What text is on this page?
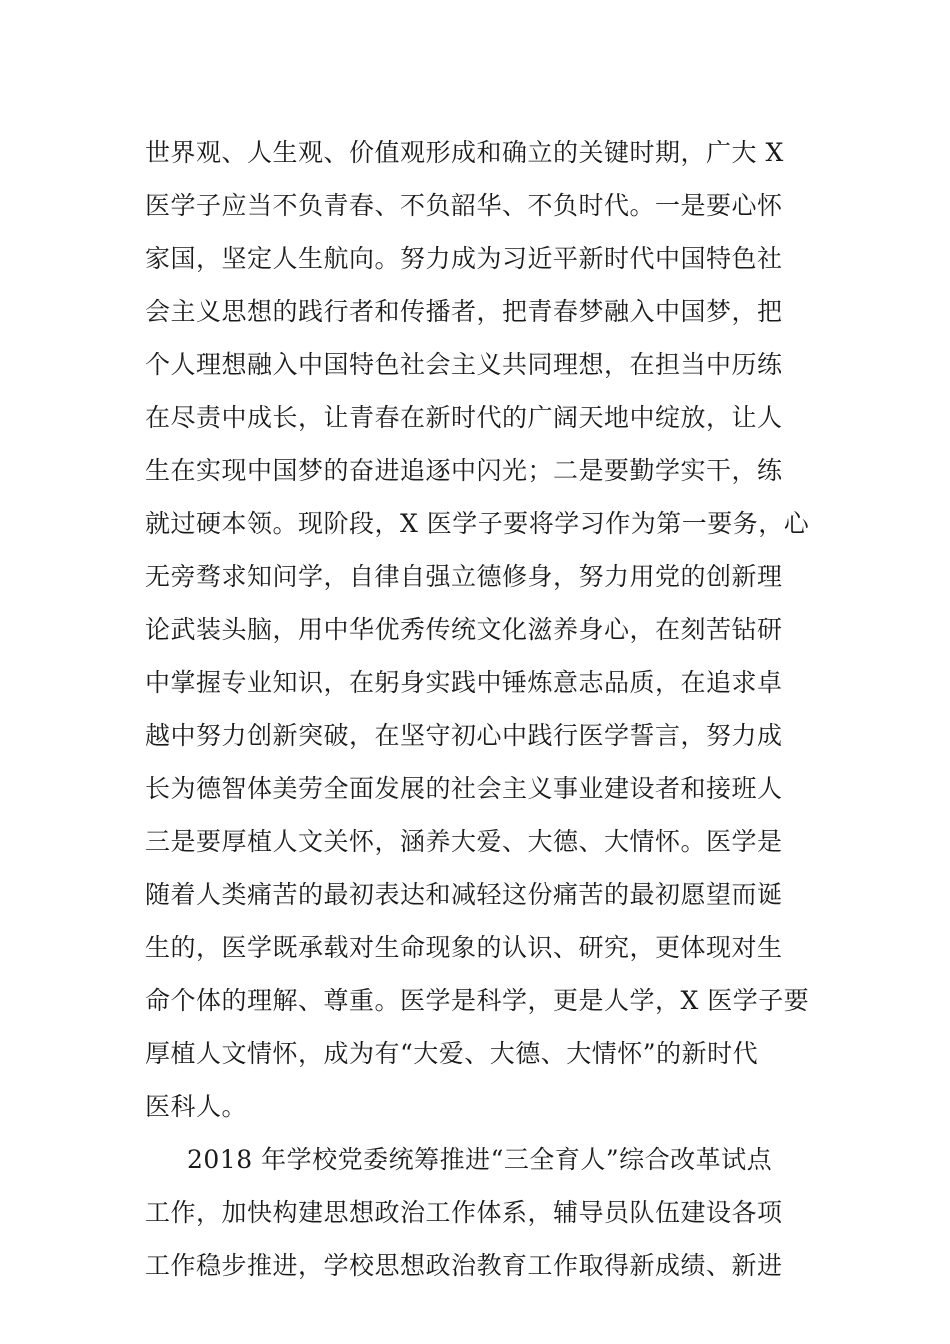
世界观、人生观、价值观形成和确立的关键时期，广大 X
医学子应当不负青春、不负韶华、不负时代。一是要心怀
家国，坚定人生航向。努力成为习近平新时代中国特色社
会主义思想的践行者和传播者，把青春梦融入中国梦，把
个人理想融入中国特色社会主义共同理想，在担当中历练
在尽责中成长，让青春在新时代的广阔天地中绽放，让人
生在实现中国梦的奋进追逐中闪光；二是要勤学实干，练
就过硬本领。现阶段，X 医学子要将学习作为第一要务，心
无旁骛求知问学，自律自强立德修身，努力用党的创新理
论武装头脑，用中华优秀传统文化滋养身心，在刻苦钻研
中掌握专业知识，在躬身实践中锤炼意志品质，在追求卓
越中努力创新突破，在坚守初心中践行医学誓言，努力成
长为德智体美劳全面发展的社会主义事业建设者和接班人
三是要厚植人文关怀，涵养大爱、大德、大情怀。医学是
随着人类痛苦的最初表达和减轻这份痛苦的最初愿望而诞
生的，医学既承载对生命现象的认识、研究，更体现对生
命个体的理解、尊重。医学是科学，更是人学，X 医学子要
厚植人文情怀，成为有“大爱、大德、大情怀”的新时代
医科人。
2018 年学校党委统筹推进“三全育人”综合改革试点
工作，加快构建思想政治工作体系，辅导员队伍建设各项
工作稳步推进，学校思想政治教育工作取得新成绩、新进
